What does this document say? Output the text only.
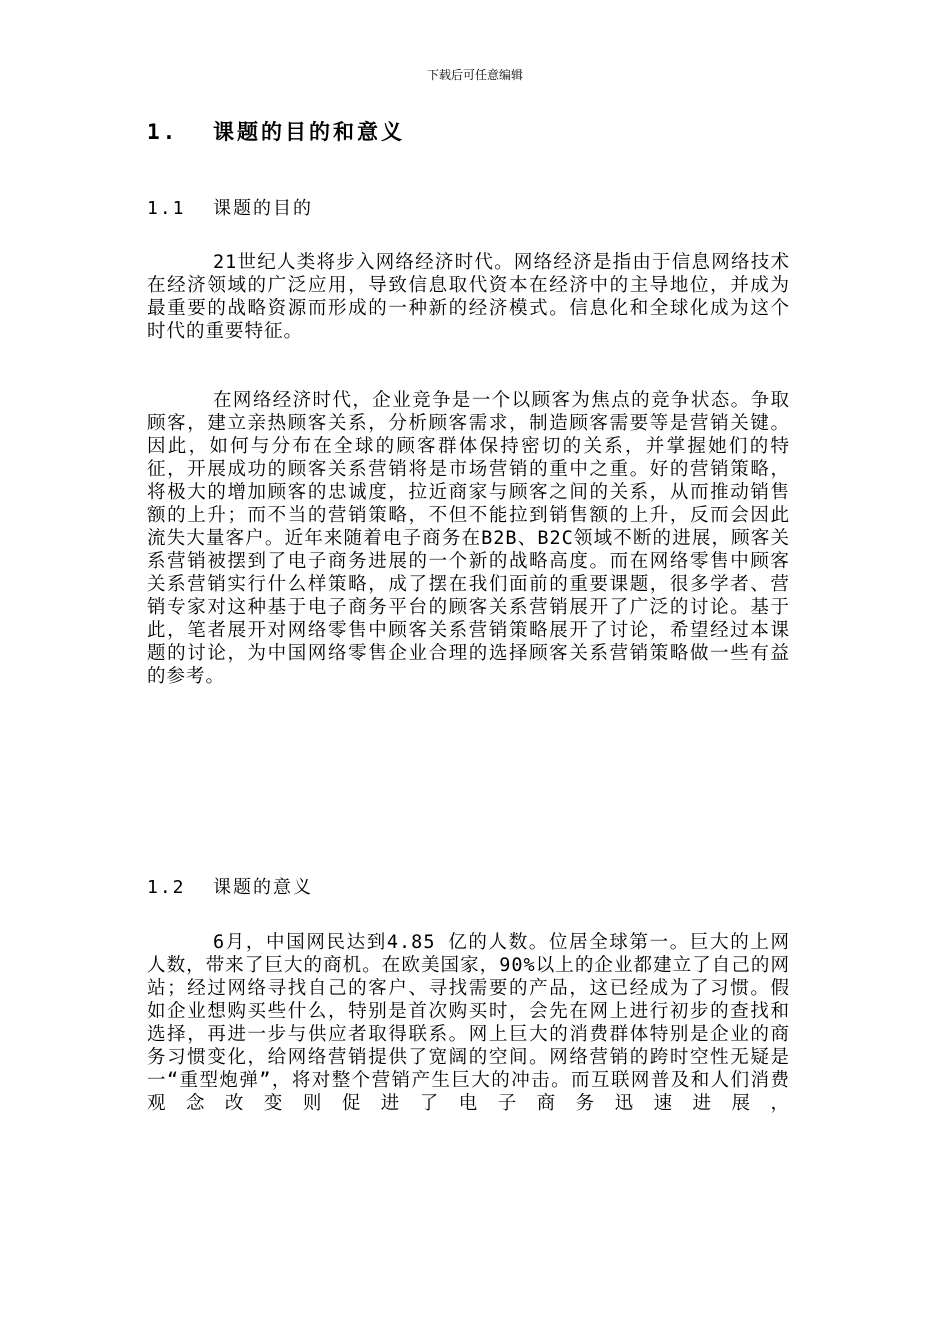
下载后可任意编辑
1. 课题的目的和意义
1.1 课题的目的

21世纪人类将步入网络经济时代。网络经济是指由于信息网络技术在经济领域的广泛应用，导致信息取代资本在经济中的主导地位，并成为最重要的战略资源而形成的一种新的经济模式。信息化和全球化成为这个时代的重要特征。

在网络经济时代，企业竞争是一个以顾客为焦点的竞争状态。争取顾客，建立亲热顾客关系，分析顾客需求，制造顾客需要等是营销关键。因此，如何与分布在全球的顾客群体保持密切的关系，并掌握她们的特征，开展成功的顾客关系营销将是市场营销的重中之重。好的营销策略，将极大的增加顾客的忠诚度，拉近商家与顾客之间的关系，从而推动销售额的上升；而不当的营销策略，不但不能拉到销售额的上升，反而会因此流失大量客户。近年来随着电子商务在B2B、B2C领域不断的进展，顾客关系营销被摆到了电子商务进展的一个新的战略高度。而在网络零售中顾客关系营销实行什么样策略，成了摆在我们面前的重要课题，很多学者、营销专家对这种基于电子商务平台的顾客关系营销展开了广泛的讨论。基于此，笔者展开对网络零售中顾客关系营销策略展开了讨论，希望经过本课题的讨论，为中国网络零售企业合理的选择顾客关系营销策略做一些有益的参考。

1.2 课题的意义

6月，中国网民达到4.85 亿的人数。位居全球第一。巨大的上网人数，带来了巨大的商机。在欧美国家，90%以上的企业都建立了自己的网站；经过网络寻找自己的客户、寻找需要的产品，这已经成为了习惯。假如企业想购买些什么，特别是首次购买时，会先在网上进行初步的查找和选择，再进一步与供应者取得联系。网上巨大的消费群体特别是企业的商务习惯变化，给网络营销提供了宽阔的空间。网络营销的跨时空性无疑是一“重型炮弹”，将对整个营销产生巨大的冲击。而互联网普及和人们消费观念改变则促进了电子商务迅速进展，
